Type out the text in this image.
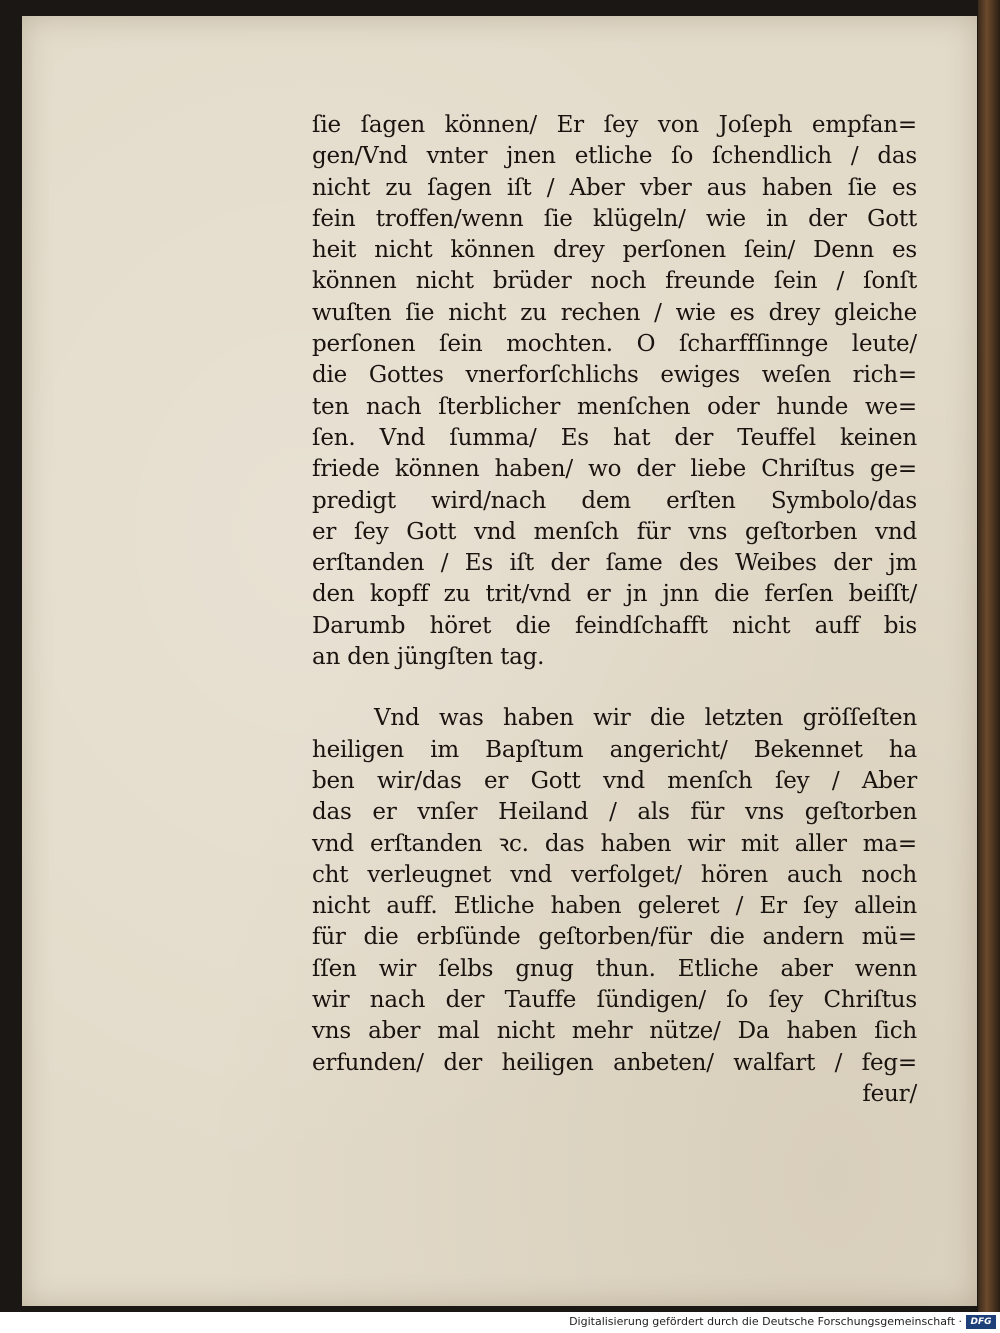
ſie ſagen können/ Er ſey von Joſeph empfan=
gen/Vnd vnter jnen etliche ſo ſchendlich / das
nicht zu ſagen iſt / Aber vber aus haben ſie es
fein troffen/wenn ſie klügeln/ wie in der Gott
heit nicht können drey perſonen ſein/ Denn es
können nicht brüder noch freunde ſein / ſonſt
wuſten ſie nicht zu rechen / wie es drey gleiche
perſonen ſein mochten. O ſcharffſinnge leute/
die Gottes vnerforſchlichs ewiges weſen rich=
ten nach ſterblicher menſchen oder hunde we=
ſen. Vnd ſumma/ Es hat der Teuffel keinen
friede können haben/ wo der liebe Chriſtus ge=
predigt wird/nach dem erſten Symbolo/das
er ſey Gott vnd menſch für vns geſtorben vnd
erſtanden / Es iſt der ſame des Weibes der jm
den kopff zu trit/vnd er jn jnn die ferſen beiſſt/
Darumb höret die feindſchafft nicht auff bis
an den jüngſten tag.
Vnd was haben wir die letzten gröſſeſten
heiligen im Bapſtum angericht/ Bekennet ha
ben wir/das er Gott vnd menſch ſey / Aber
das er vnſer Heiland / als für vns geſtorben
vnd erſtanden ꝛc. das haben wir mit aller ma=
cht verleugnet vnd verfolget/ hören auch noch
nicht auff. Etliche haben geleret / Er ſey allein
für die erbſünde geſtorben/für die andern mü=
ſſen wir ſelbs gnug thun. Etliche aber wenn
wir nach der Tauffe ſündigen/ ſo ſey Chriſtus
vns aber mal nicht mehr nütze/ Da haben ſich
erfunden/ der heiligen anbeten/ walfart / feg=
feur/
Digitalisierung gefördert durch die Deutsche Forschungsgemeinschaft · DFG
